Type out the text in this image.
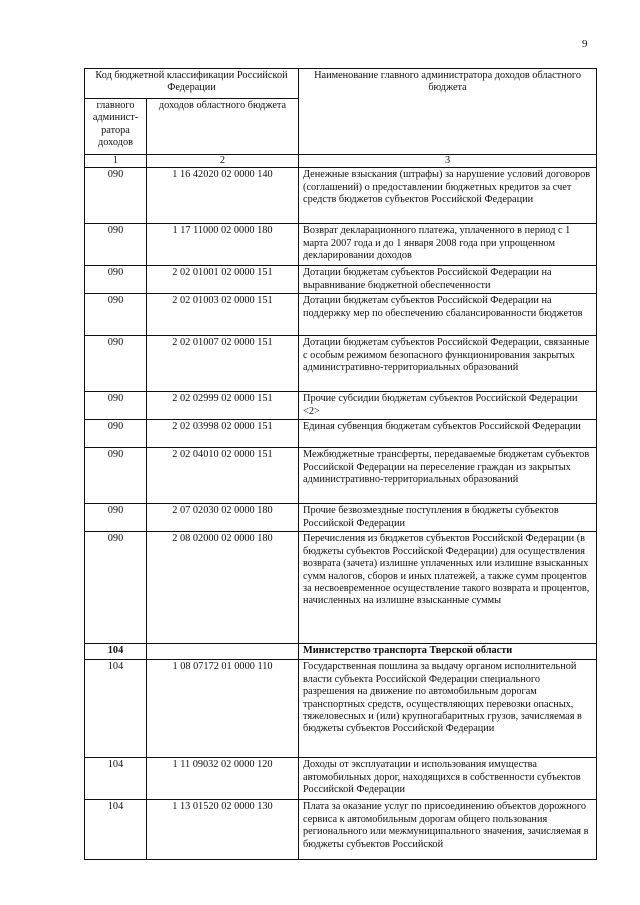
9
Код бюджетной классификации Российской Федерации		Наименование главного администратора доходов областного бюджета
главного админист-ратора доходов	доходов областного бюджета	
1	2	3
090	1 16 42020 02 0000 140	Денежные взыскания (штрафы) за нарушение условий договоров (соглашений) о предоставлении бюджетных кредитов за счет средств бюджетов субъектов Российской Федерации
090	1 17 11000 02 0000 180	Возврат декларационного платежа, уплаченного в период с 1 марта 2007 года и до 1 января 2008 года при упрощенном декларировании доходов
090	2 02 01001 02 0000 151	Дотации бюджетам субъектов Российской Федерации на выравнивание бюджетной обеспеченности
090	2 02 01003 02 0000 151	Дотации бюджетам субъектов Российской Федерации на поддержку мер по обеспечению сбалансированности бюджетов
090	2 02 01007 02 0000 151	Дотации бюджетам субъектов Российской Федерации, связанные с особым режимом безопасного функционирования закрытых административно-территориальных образований
090	2 02 02999 02 0000 151	Прочие субсидии бюджетам субъектов Российской Федерации <2>
090	2 02 03998 02 0000 151	Единая субвенция бюджетам субъектов Российской Федерации
090	2 02 04010 02 0000 151	Межбюджетные трансферты, передаваемые бюджетам субъектов Российской Федерации на переселение граждан из закрытых административно-территориальных образований
090	2 07 02030 02 0000 180	Прочие безвозмездные поступления в бюджеты субъектов Российской Федерации
090	2 08 02000 02 0000 180	Перечисления из бюджетов субъектов Российской Федерации (в бюджеты субъектов Российской Федерации) для осуществления возврата (зачета) излишне уплаченных или излишне взысканных сумм налогов, сборов и иных платежей, а также сумм процентов за несвоевременное осуществление такого возврата и процентов, начисленных на излишне взысканные суммы
104		Министерство транспорта Тверской области
104	1 08 07172 01 0000 110	Государственная пошлина за выдачу органом исполнительной власти субъекта Российской Федерации специального разрешения на движение по автомобильным дорогам транспортных средств, осуществляющих перевозки опасных, тяжеловесных и (или) крупногабаритных грузов, зачисляемая в бюджеты субъектов Российской Федерации
104	1 11 09032 02 0000 120	Доходы от эксплуатации и использования имущества автомобильных дорог, находящихся в собственности субъектов Российской Федерации
104	1 13 01520 02 0000 130	Плата за оказание услуг по присоединению объектов дорожного сервиса к автомобильным дорогам общего пользования регионального или межмуниципального значения, зачисляемая в бюджеты субъектов Российской
